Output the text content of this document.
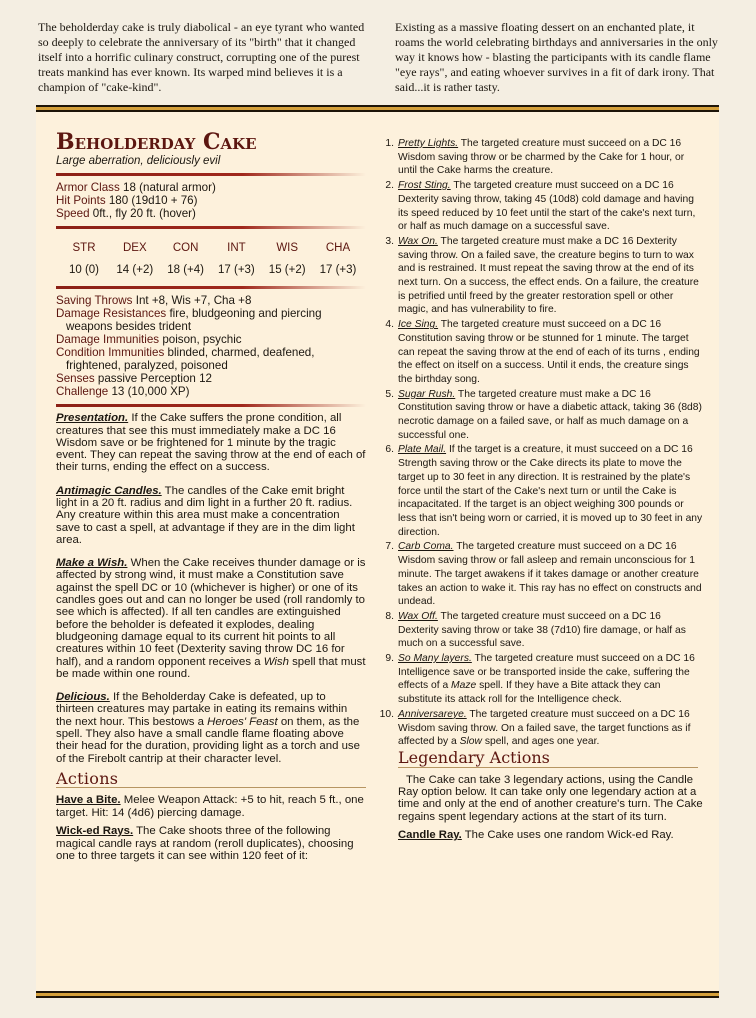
The beholderday cake is truly diabolical - an eye tyrant who wanted so deeply to celebrate the anniversary of its "birth" that it changed itself into a horrific culinary construct, corrupting one of the purest treats mankind has ever known. Its warped mind believes it is a champion of "cake-kind".
Existing as a massive floating dessert on an enchanted plate, it roams the world celebrating birthdays and anniversaries in the only way it knows how - blasting the participants with its candle flame "eye rays", and eating whoever survives in a fit of dark irony. That said...it is rather tasty.
Beholderday Cake
Large aberration, deliciously evil
Armor Class 18 (natural armor)
Hit Points 180 (19d10 + 76)
Speed 0ft., fly 20 ft. (hover)
STR
10 (0)
DEX
14 (+2)
CON
18 (+4)
INT
17 (+3)
WIS
15 (+2)
CHA
17 (+3)
Saving Throws Int +8, Wis +7, Cha +8
Damage Resistances fire, bludgeoning and piercing weapons besides trident
Damage Immunities poison, psychic
Condition Immunities blinded, charmed, deafened, frightened, paralyzed, poisoned
Senses passive Perception 12
Challenge 13 (10,000 XP)
Presentation. If the Cake suffers the prone condition, all creatures that see this must immediately make a DC 16 Wisdom save or be frightened for 1 minute by the tragic event. They can repeat the saving throw at the end of each of their turns, ending the effect on a success.
Antimagic Candles. The candles of the Cake emit bright light in a 20 ft. radius and dim light in a further 20 ft. radius. Any creature within this area must make a concentration save to cast a spell, at advantage if they are in the dim light area.
Make a Wish. When the Cake receives thunder damage or is affected by strong wind, it must make a Constitution save against the spell DC or 10 (whichever is higher) or one of its candles goes out and can no longer be used (roll randomly to see which is affected). If all ten candles are extinguished before the beholder is defeated it explodes, dealing bludgeoning damage equal to its current hit points to all creatures within 10 feet (Dexterity saving throw DC 16 for half), and a random opponent receives a Wish spell that must be made within one round.
Delicious. If the Beholderday Cake is defeated, up to thirteen creatures may partake in eating its remains within the next hour. This bestows a Heroes' Feast on them, as the spell. They also have a small candle flame floating above their head for the duration, providing light as a torch and use of the Firebolt cantrip at their character level.
Actions
Have a Bite. Melee Weapon Attack: +5 to hit, reach 5 ft., one target. Hit: 14 (4d6) piercing damage.
Wick-ed Rays. The Cake shoots three of the following magical candle rays at random (reroll duplicates), choosing one to three targets it can see within 120 feet of it:
1. Pretty Lights. The targeted creature must succeed on a DC 16 Wisdom saving throw or be charmed by the Cake for 1 hour, or until the Cake harms the creature.
2. Frost Sting. The targeted creature must succeed on a DC 16 Dexterity saving throw, taking 45 (10d8) cold damage and having its speed reduced by 10 feet until the start of the cake's next turn, or half as much damage on a successful save.
3. Wax On. The targeted creature must make a DC 16 Dexterity saving throw. On a failed save, the creature begins to turn to wax and is restrained. It must repeat the saving throw at the end of its next turn. On a success, the effect ends. On a failure, the creature is petrified until freed by the greater restoration spell or other magic, and has vulnerability to fire.
4. Ice Sing. The targeted creature must succeed on a DC 16 Constitution saving throw or be stunned for 1 minute. The target can repeat the saving throw at the end of each of its turns , ending the effect on itself on a success. Until it ends, the creature sings the birthday song.
5. Sugar Rush. The targeted creature must make a DC 16 Constitution saving throw or have a diabetic attack, taking 36 (8d8) necrotic damage on a failed save, or half as much damage on a successful one.
6. Plate Mail. If the target is a creature, it must succeed on a DC 16 Strength saving throw or the Cake directs its plate to move the target up to 30 feet in any direction. It is restrained by the plate's force until the start of the Cake's next turn or until the Cake is incapacitated. If the target is an object weighing 300 pounds or less that isn't being worn or carried, it is moved up to 30 feet in any direction.
7. Carb Coma. The targeted creature must succeed on a DC 16 Wisdom saving throw or fall asleep and remain unconscious for 1 minute. The target awakens if it takes damage or another creature takes an action to wake it. This ray has no effect on constructs and undead.
8. Wax Off. The targeted creature must succeed on a DC 16 Dexterity saving throw or take 38 (7d10) fire damage, or half as much on a successful save.
9. So Many layers. The targeted creature must succeed on a DC 16 Intelligence save or be transported inside the cake, suffering the effects of a Maze spell. If they have a Bite attack they can substitute its attack roll for the Intelligence check.
10. Anniversareye. The targeted creature must succeed on a DC 16 Wisdom saving throw. On a failed save, the target functions as if affected by a Slow spell, and ages one year.
Legendary Actions
The Cake can take 3 legendary actions, using the Candle Ray option below. It can take only one legendary action at a time and only at the end of another creature's turn. The Cake regains spent legendary actions at the start of its turn.
Candle Ray. The Cake uses one random Wick-ed Ray.
